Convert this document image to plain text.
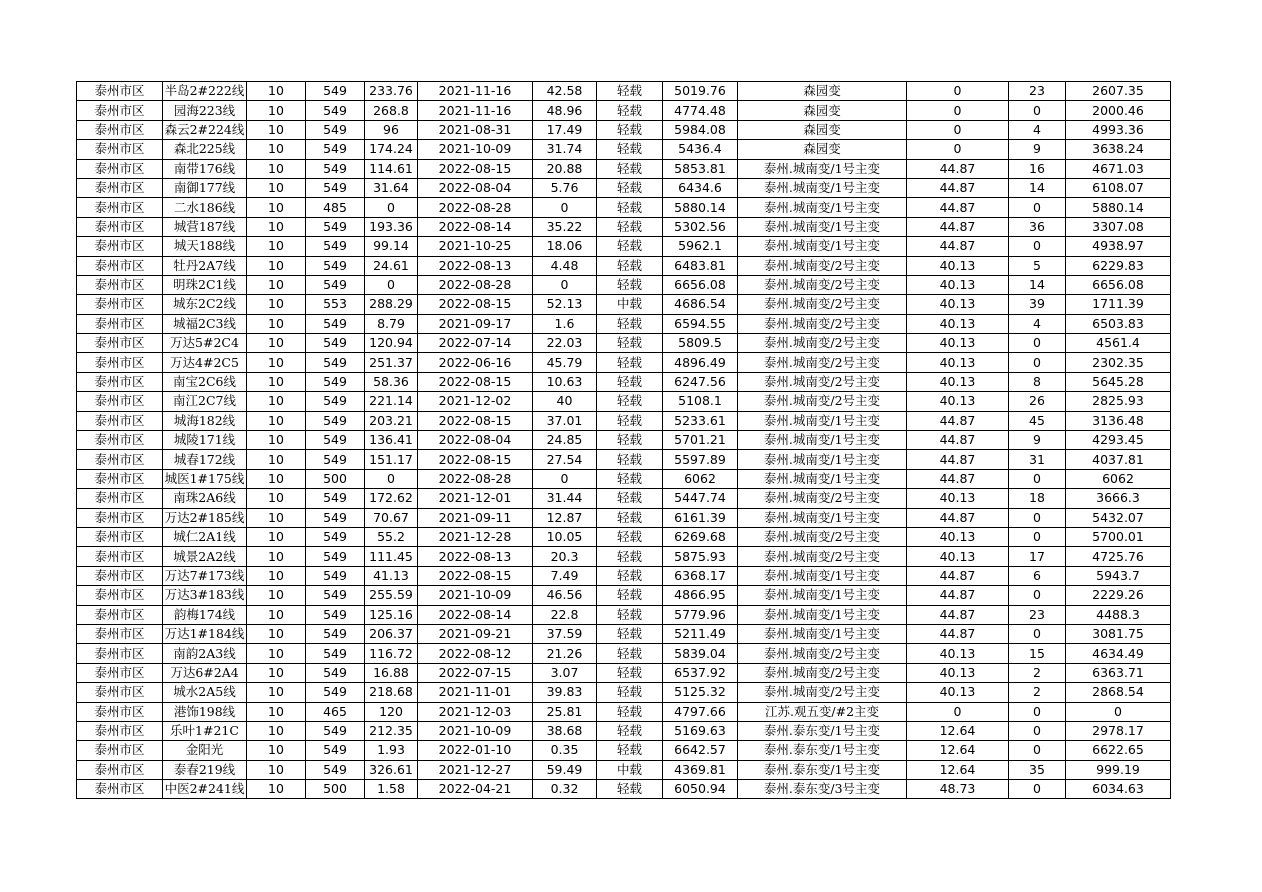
泰州市区	半岛2#222线	10	549	233.76	2021-11-16	42.58	轻载	5019.76	森园变	0	23	2607.35
泰州市区	园海223线	10	549	268.8	2021-11-16	48.96	轻载	4774.48	森园变	0	0	2000.46
泰州市区	森云2#224线	10	549	96	2021-08-31	17.49	轻载	5984.08	森园变	0	4	4993.36
泰州市区	森北225线	10	549	174.24	2021-10-09	31.74	轻载	5436.4	森园变	0	9	3638.24
泰州市区	南带176线	10	549	114.61	2022-08-15	20.88	轻载	5853.81	泰州.城南变/1号主变	44.87	16	4671.03
泰州市区	南御177线	10	549	31.64	2022-08-04	5.76	轻载	6434.6	泰州.城南变/1号主变	44.87	14	6108.07
泰州市区	二水186线	10	485	0	2022-08-28	0	轻载	5880.14	泰州.城南变/1号主变	44.87	0	5880.14
泰州市区	城营187线	10	549	193.36	2022-08-14	35.22	轻载	5302.56	泰州.城南变/1号主变	44.87	36	3307.08
泰州市区	城天188线	10	549	99.14	2021-10-25	18.06	轻载	5962.1	泰州.城南变/1号主变	44.87	0	4938.97
泰州市区	牡丹2A7线	10	549	24.61	2022-08-13	4.48	轻载	6483.81	泰州.城南变/2号主变	40.13	5	6229.83
泰州市区	明珠2C1线	10	549	0	2022-08-28	0	轻载	6656.08	泰州.城南变/2号主变	40.13	14	6656.08
泰州市区	城东2C2线	10	553	288.29	2022-08-15	52.13	中载	4686.54	泰州.城南变/2号主变	40.13	39	1711.39
泰州市区	城福2C3线	10	549	8.79	2021-09-17	1.6	轻载	6594.55	泰州.城南变/2号主变	40.13	4	6503.83
泰州市区	万达5#2C4	10	549	120.94	2022-07-14	22.03	轻载	5809.5	泰州.城南变/2号主变	40.13	0	4561.4
泰州市区	万达4#2C5	10	549	251.37	2022-06-16	45.79	轻载	4896.49	泰州.城南变/2号主变	40.13	0	2302.35
泰州市区	南宝2C6线	10	549	58.36	2022-08-15	10.63	轻载	6247.56	泰州.城南变/2号主变	40.13	8	5645.28
泰州市区	南江2C7线	10	549	221.14	2021-12-02	40	轻载	5108.1	泰州.城南变/2号主变	40.13	26	2825.93
泰州市区	城海182线	10	549	203.21	2022-08-15	37.01	轻载	5233.61	泰州.城南变/1号主变	44.87	45	3136.48
泰州市区	城陵171线	10	549	136.41	2022-08-04	24.85	轻载	5701.21	泰州.城南变/1号主变	44.87	9	4293.45
泰州市区	城春172线	10	549	151.17	2022-08-15	27.54	轻载	5597.89	泰州.城南变/1号主变	44.87	31	4037.81
泰州市区	城医1#175线	10	500	0	2022-08-28	0	轻载	6062	泰州.城南变/1号主变	44.87	0	6062
泰州市区	南珠2A6线	10	549	172.62	2021-12-01	31.44	轻载	5447.74	泰州.城南变/2号主变	40.13	18	3666.3
泰州市区	万达2#185线	10	549	70.67	2021-09-11	12.87	轻载	6161.39	泰州.城南变/1号主变	44.87	0	5432.07
泰州市区	城仁2A1线	10	549	55.2	2021-12-28	10.05	轻载	6269.68	泰州.城南变/2号主变	40.13	0	5700.01
泰州市区	城景2A2线	10	549	111.45	2022-08-13	20.3	轻载	5875.93	泰州.城南变/2号主变	40.13	17	4725.76
泰州市区	万达7#173线	10	549	41.13	2022-08-15	7.49	轻载	6368.17	泰州.城南变/1号主变	44.87	6	5943.7
泰州市区	万达3#183线	10	549	255.59	2021-10-09	46.56	轻载	4866.95	泰州.城南变/1号主变	44.87	0	2229.26
泰州市区	韵梅174线	10	549	125.16	2022-08-14	22.8	轻载	5779.96	泰州.城南变/1号主变	44.87	23	4488.3
泰州市区	万达1#184线	10	549	206.37	2021-09-21	37.59	轻载	5211.49	泰州.城南变/1号主变	44.87	0	3081.75
泰州市区	南韵2A3线	10	549	116.72	2022-08-12	21.26	轻载	5839.04	泰州.城南变/2号主变	40.13	15	4634.49
泰州市区	万达6#2A4	10	549	16.88	2022-07-15	3.07	轻载	6537.92	泰州.城南变/2号主变	40.13	2	6363.71
泰州市区	城水2A5线	10	549	218.68	2021-11-01	39.83	轻载	5125.32	泰州.城南变/2号主变	40.13	2	2868.54
泰州市区	港饰198线	10	465	120	2021-12-03	25.81	轻载	4797.66	江苏.观五变/#2主变	0	0	0
泰州市区	乐叶1#21C	10	549	212.35	2021-10-09	38.68	轻载	5169.63	泰州.泰东变/1号主变	12.64	0	2978.17
泰州市区	金阳光	10	549	1.93	2022-01-10	0.35	轻载	6642.57	泰州.泰东变/1号主变	12.64	0	6622.65
泰州市区	泰春219线	10	549	326.61	2021-12-27	59.49	中载	4369.81	泰州.泰东变/1号主变	12.64	35	999.19
泰州市区	中医2#241线	10	500	1.58	2022-04-21	0.32	轻载	6050.94	泰州.泰东变/3号主变	48.73	0	6034.63
